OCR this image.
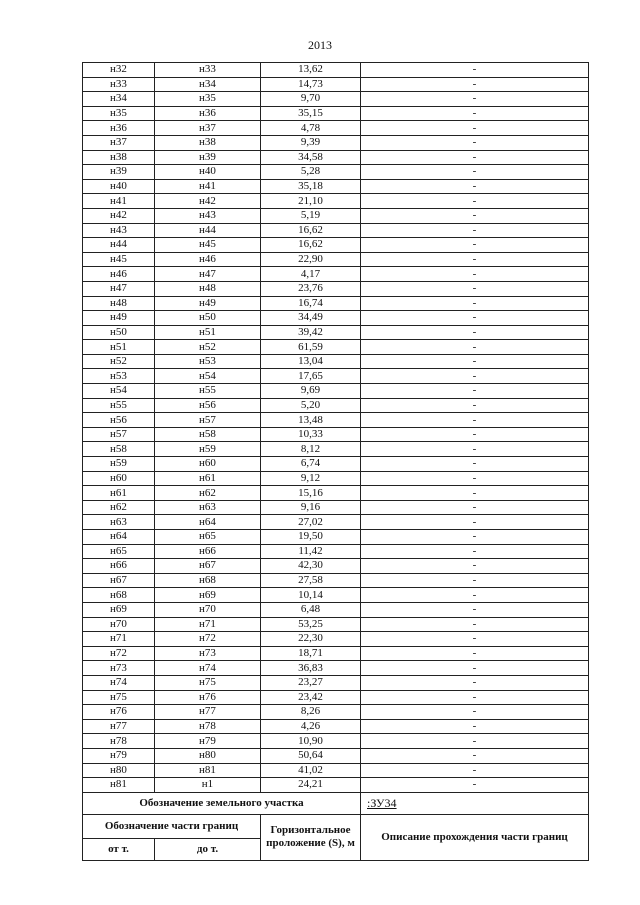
2013
н32	н33	13,62	-
н33	н34	14,73	-
н34	н35	9,70	-
н35	н36	35,15	-
н36	н37	4,78	-
н37	н38	9,39	-
н38	н39	34,58	-
н39	н40	5,28	-
н40	н41	35,18	-
н41	н42	21,10	-
н42	н43	5,19	-
н43	н44	16,62	-
н44	н45	16,62	-
н45	н46	22,90	-
н46	н47	4,17	-
н47	н48	23,76	-
н48	н49	16,74	-
н49	н50	34,49	-
н50	н51	39,42	-
н51	н52	61,59	-
н52	н53	13,04	-
н53	н54	17,65	-
н54	н55	9,69	-
н55	н56	5,20	-
н56	н57	13,48	-
н57	н58	10,33	-
н58	н59	8,12	-
н59	н60	6,74	-
н60	н61	9,12	-
н61	н62	15,16	-
н62	н63	9,16	-
н63	н64	27,02	-
н64	н65	19,50	-
н65	н66	11,42	-
н66	н67	42,30	-
н67	н68	27,58	-
н68	н69	10,14	-
н69	н70	6,48	-
н70	н71	53,25	-
н71	н72	22,30	-
н72	н73	18,71	-
н73	н74	36,83	-
н74	н75	23,27	-
н75	н76	23,42	-
н76	н77	8,26	-
н77	н78	4,26	-
н78	н79	10,90	-
н79	н80	50,64	-
н80	н81	41,02	-
н81	н1	24,21	-
Обозначение земельного участка			:ЗУ34
Обозначение части границ		Горизонтальное проложение (S), м	Описание прохождения части границ
от т.	до т.		
